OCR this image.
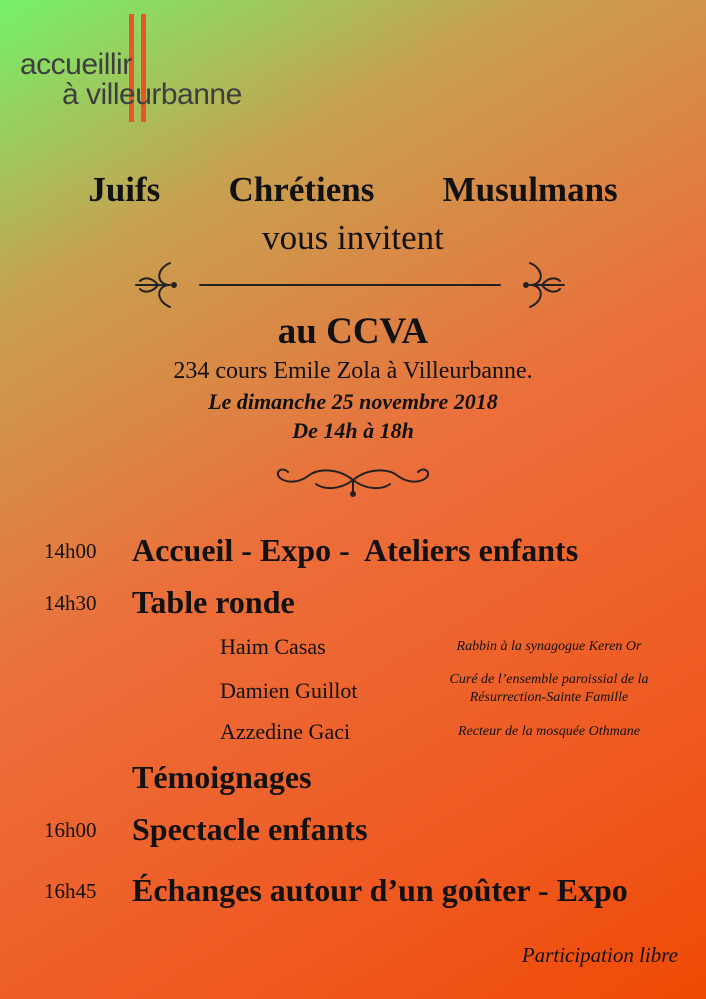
accueillir
à villeurbanne
Juifs   Chrétiens   Musulmans
vous invitent
au CCVA
234 cours Emile Zola à Villeurbanne.
Le dimanche 25 novembre 2018
De 14h à 18h
14h00 Accueil - Expo -  Ateliers enfants
14h30 Table ronde
Haim Casas	Rabbin à la synagogue Keren Or
Damien Guillot	Curé de l’ensemble paroissial de la Résurrection-Sainte Famille
Azzedine Gaci	Recteur de la mosquée Othmane
Témoignages
16h00 Spectacle enfants
16h45 Échanges autour d’un goûter - Expo
Participation libre
